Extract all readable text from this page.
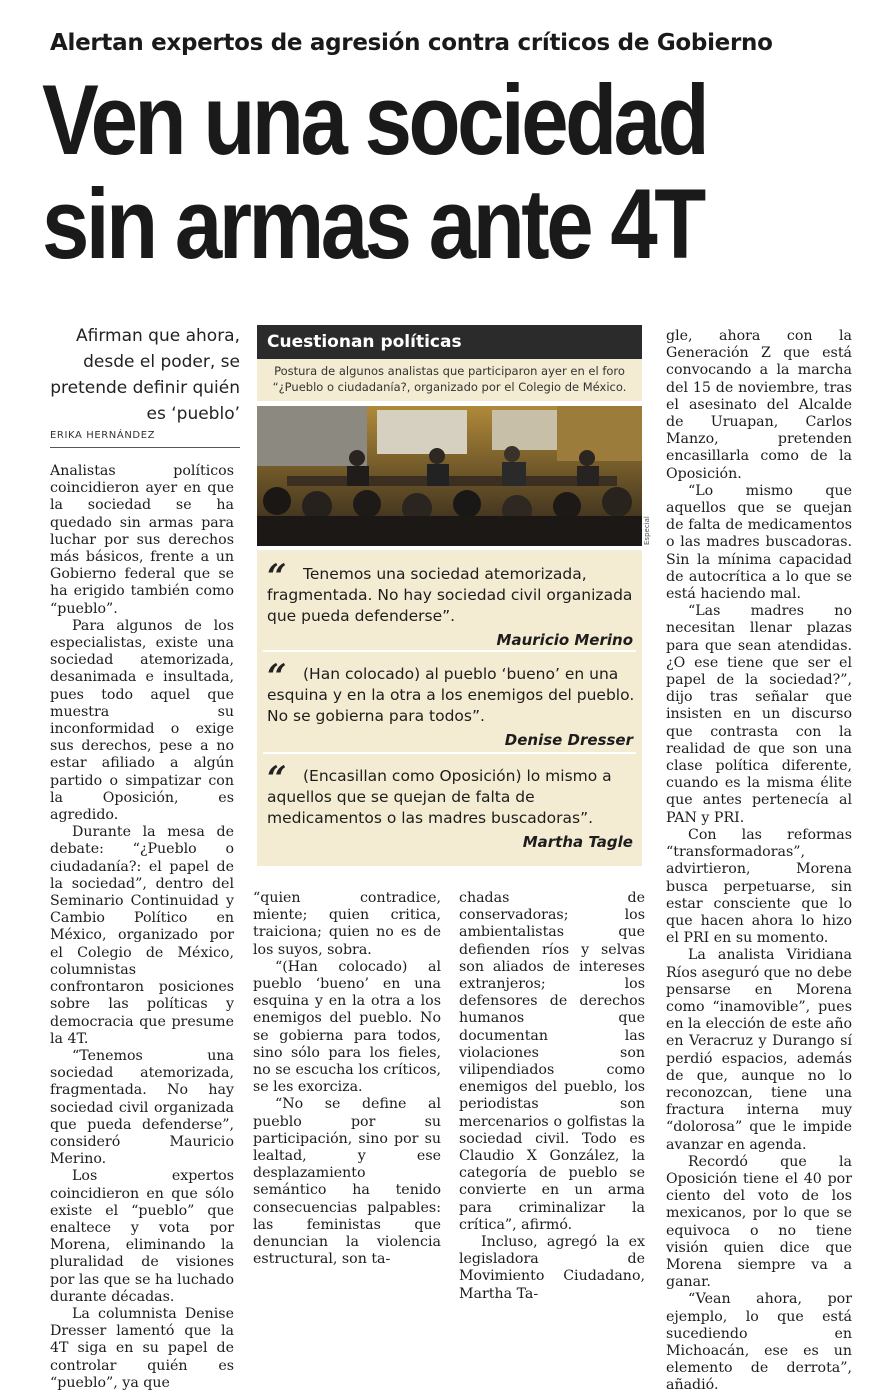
Alertan expertos de agresión contra críticos de Gobierno
Ven una sociedad
sin armas ante 4T
Afirman que ahora, desde el poder, se pretende definir quién es ‘pueblo’
ERIKA HERNÁNDEZ

Analistas políticos coincidieron ayer en que la sociedad se ha quedado sin armas para luchar por sus derechos más básicos, frente a un Gobierno federal que se ha erigido también como “pueblo”.

Para algunos de los especialistas, existe una sociedad atemorizada, desanimada e insultada, pues todo aquel que muestra su inconformidad o exige sus derechos, pese a no estar afiliado a algún partido o simpatizar con la Oposición, es agredido.

Durante la mesa de debate: “¿Pueblo o ciudadanía?: el papel de la sociedad”, dentro del Seminario Continuidad y Cambio Político en México, organizado por el Colegio de México, columnistas confrontaron posiciones sobre las políticas y democracia que presume la 4T.

“Tenemos una sociedad atemorizada, fragmentada. No hay sociedad civil organizada que pueda defenderse”, consideró Mauricio Merino.

Los expertos coincidieron en que sólo existe el “pueblo” que enaltece y vota por Morena, eliminando la pluralidad de visiones por las que se ha luchado durante décadas.

La columnista Denise Dresser lamentó que la 4T siga en su papel de controlar quién es “pueblo”, ya que

Cuestionan políticas
Postura de algunos analistas que participaron ayer en el foro “¿Pueblo o ciudadanía?, organizado por el Colegio de México.
Especial
“	Tenemos una sociedad atemorizada, fragmentada. No hay sociedad civil organizada que pueda defenderse”.

Mauricio Merino
“	(Han colocado) al pueblo ‘bueno’ en una esquina y en la otra a los enemigos del pueblo. No se gobierna para todos”.

Denise Dresser
“	(Encasillan como Oposición) lo mismo a aquellos que se quejan de falta de medicamentos o las madres buscadoras”.

Martha Tagle

“quien contradice, miente; quien critica, traiciona; quien no es de los suyos, sobra.

“(Han colocado) al pueblo ‘bueno’ en una esquina y en la otra a los enemigos del pueblo. No se gobierna para todos, sino sólo para los fieles, no se escucha los críticos, se les exorciza.

“No se define al pueblo por su participación, sino por su lealtad, y ese desplazamiento semántico ha tenido consecuencias palpables: las feministas que denuncian la violencia estructural, son ta-

chadas de conservadoras; los ambientalistas que defienden ríos y selvas son aliados de intereses extranjeros; los defensores de derechos humanos que documentan las violaciones son vilipendiados como enemigos del pueblo, los periodistas son mercenarios o golfistas la sociedad civil. Todo es Claudio X González, la categoría de pueblo se convierte en un arma para criminalizar la crítica”, afirmó.

Incluso, agregó la ex legisladora de Movimiento Ciudadano, Martha Ta-

gle, ahora con la Generación Z que está convocando a la marcha del 15 de noviembre, tras el asesinato del Alcalde de Uruapan, Carlos Manzo, pretenden encasillarla como de la Oposición.

“Lo mismo que aquellos que se quejan de falta de medicamentos o las madres buscadoras. Sin la mínima capacidad de autocrítica a lo que se está haciendo mal.

“Las madres no necesitan llenar plazas para que sean atendidas. ¿O ese tiene que ser el papel de la sociedad?”, dijo tras señalar que insisten en un discurso que contrasta con la realidad de que son una clase política diferente, cuando es la misma élite que antes pertenecía al PAN y PRI.

Con las reformas “transformadoras”, advirtieron, Morena busca perpetuarse, sin estar consciente que lo que hacen ahora lo hizo el PRI en su momento.

La analista Viridiana Ríos aseguró que no debe pensarse en Morena como “inamovible”, pues en la elección de este año en Veracruz y Durango sí perdió espacios, además de que, aunque no lo reconozcan, tiene una fractura interna muy “dolorosa” que le impide avanzar en agenda.

Recordó que la Oposición tiene el 40 por ciento del voto de los mexicanos, por lo que se equivoca o no tiene visión quien dice que Morena siempre va a ganar.

“Vean ahora, por ejemplo, lo que está sucediendo en Michoacán, ese es un elemento de derrota”, añadió.
